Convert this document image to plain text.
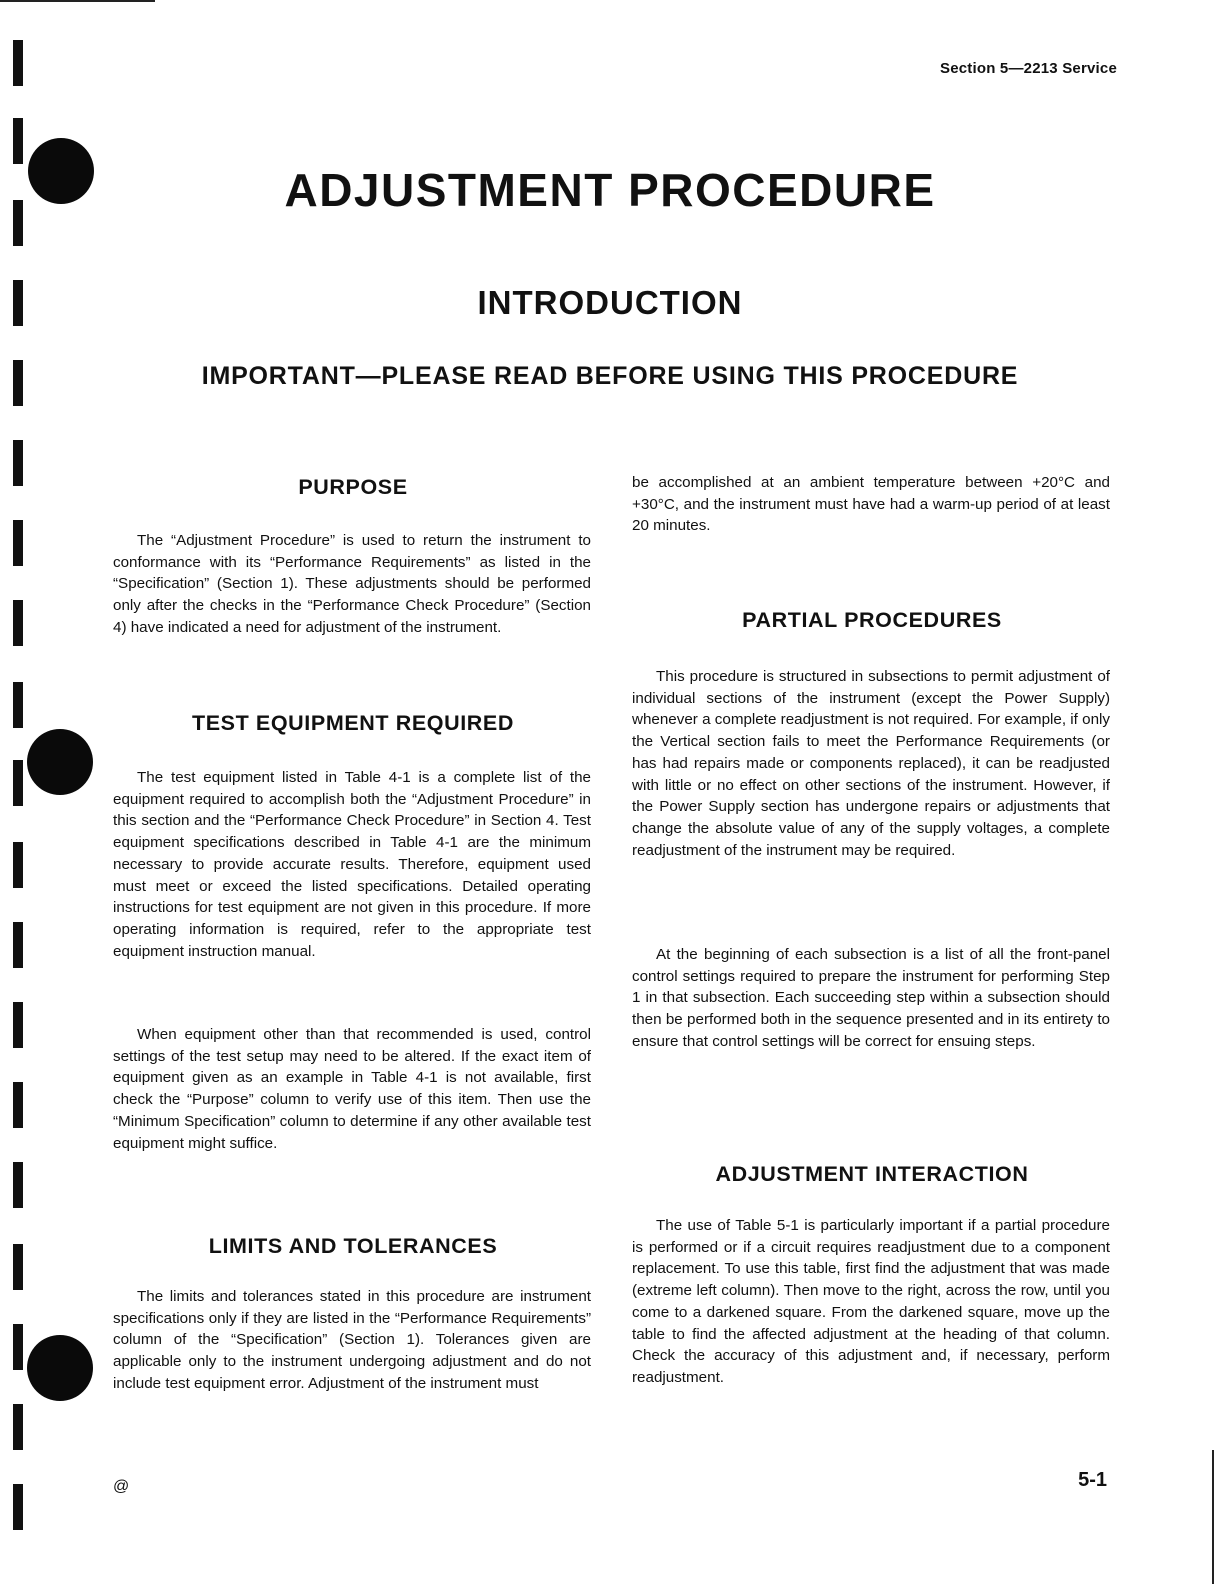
Section 5—2213 Service
ADJUSTMENT PROCEDURE
INTRODUCTION
IMPORTANT—PLEASE READ BEFORE USING THIS PROCEDURE
PURPOSE

The “Adjustment Procedure” is used to return the instrument to conformance with its “Performance Requirements” as listed in the “Specification” (Section 1). These adjustments should be performed only after the checks in the “Performance Check Procedure” (Section 4) have indicated a need for adjustment of the instrument.

TEST EQUIPMENT REQUIRED

The test equipment listed in Table 4-1 is a complete list of the equipment required to accomplish both the “Adjustment Procedure” in this section and the “Performance Check Procedure” in Section 4. Test equipment specifications described in Table 4-1 are the minimum necessary to provide accurate results. Therefore, equipment used must meet or exceed the listed specifications. Detailed operating instructions for test equipment are not given in this procedure. If more operating information is required, refer to the appropriate test equipment instruction manual.

When equipment other than that recommended is used, control settings of the test setup may need to be altered. If the exact item of equipment given as an example in Table 4-1 is not available, first check the “Purpose” column to verify use of this item. Then use the “Minimum Specification” column to determine if any other available test equipment might suffice.

LIMITS AND TOLERANCES

The limits and tolerances stated in this procedure are instrument specifications only if they are listed in the “Performance Requirements” column of the “Specification” (Section 1). Tolerances given are applicable only to the instrument undergoing adjustment and do not include test equipment error. Adjustment of the instrument must

be accomplished at an ambient temperature between +20°C and +30°C, and the instrument must have had a warm-up period of at least 20 minutes.

PARTIAL PROCEDURES

This procedure is structured in subsections to permit adjustment of individual sections of the instrument (except the Power Supply) whenever a complete readjustment is not required. For example, if only the Vertical section fails to meet the Performance Requirements (or has had repairs made or components replaced), it can be readjusted with little or no effect on other sections of the instrument. However, if the Power Supply section has undergone repairs or adjustments that change the absolute value of any of the supply voltages, a complete readjustment of the instrument may be required.

At the beginning of each subsection is a list of all the front-panel control settings required to prepare the instrument for performing Step 1 in that subsection. Each succeeding step within a subsection should then be performed both in the sequence presented and in its entirety to ensure that control settings will be correct for ensuing steps.

ADJUSTMENT INTERACTION

The use of Table 5-1 is particularly important if a partial procedure is performed or if a circuit requires readjustment due to a component replacement. To use this table, first find the adjustment that was made (extreme left column). Then move to the right, across the row, until you come to a darkened square. From the darkened square, move up the table to find the affected adjustment at the heading of that column. Check the accuracy of this adjustment and, if necessary, perform readjustment.

@	5-1
